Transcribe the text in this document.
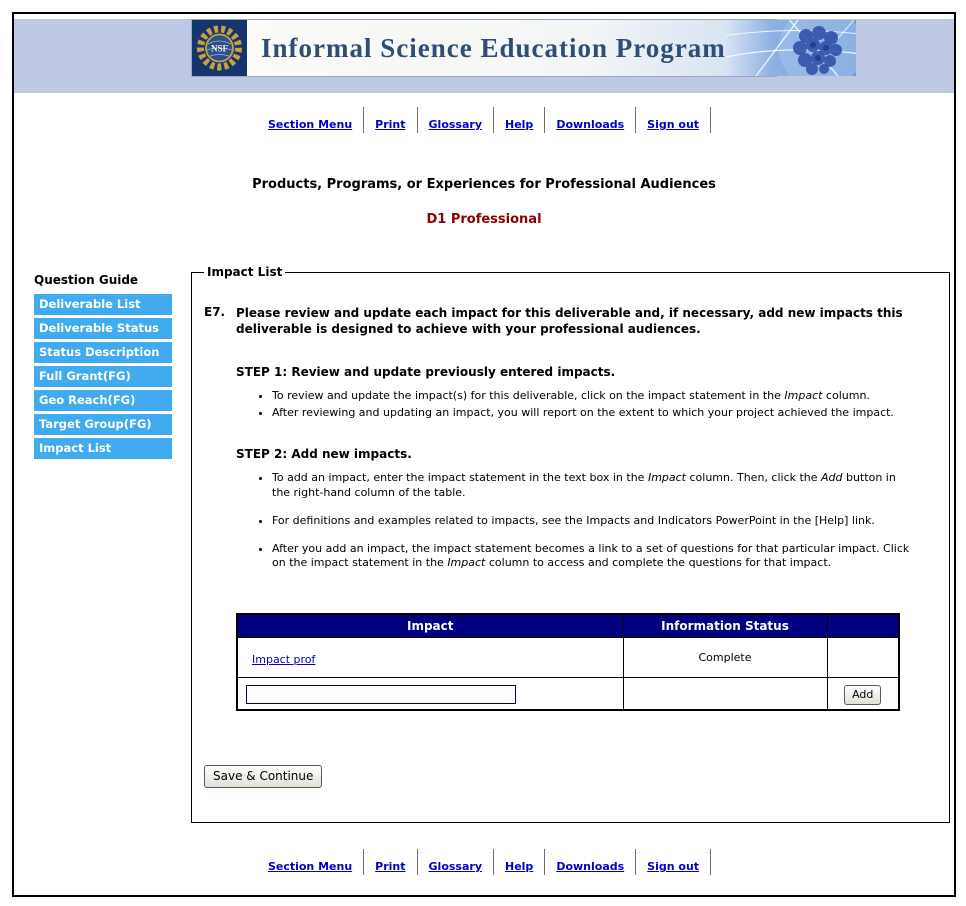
NSF Informal Science Education Program
Section Menu Print Glossary Help Downloads Sign out
Products, Programs, or Experiences for Professional Audiences
D1 Professional
Question Guide
Deliverable List
Deliverable Status
Status Description
Full Grant(FG)
Geo Reach(FG)
Target Group(FG)
Impact List
Impact List
E7. Please review and update each impact for this deliverable and, if necessary, add new impacts this deliverable is designed to achieve with your professional audiences.
STEP 1: Review and update previously entered impacts.
• To review and update the impact(s) for this deliverable, click on the impact statement in the Impact column.
• After reviewing and updating an impact, you will report on the extent to which your project achieved the impact.
STEP 2: Add new impacts.
• To add an impact, enter the impact statement in the text box in the Impact column. Then, click the Add button in the right-hand column of the table.
• For definitions and examples related to impacts, see the Impacts and Indicators PowerPoint in the [Help] link.
• After you add an impact, the impact statement becomes a link to a set of questions for that particular impact. Click on the impact statement in the Impact column to access and complete the questions for that impact.
Impact	Information Status	
Impact prof	Complete	
		Add
Save & Continue
Section Menu Print Glossary Help Downloads Sign out
